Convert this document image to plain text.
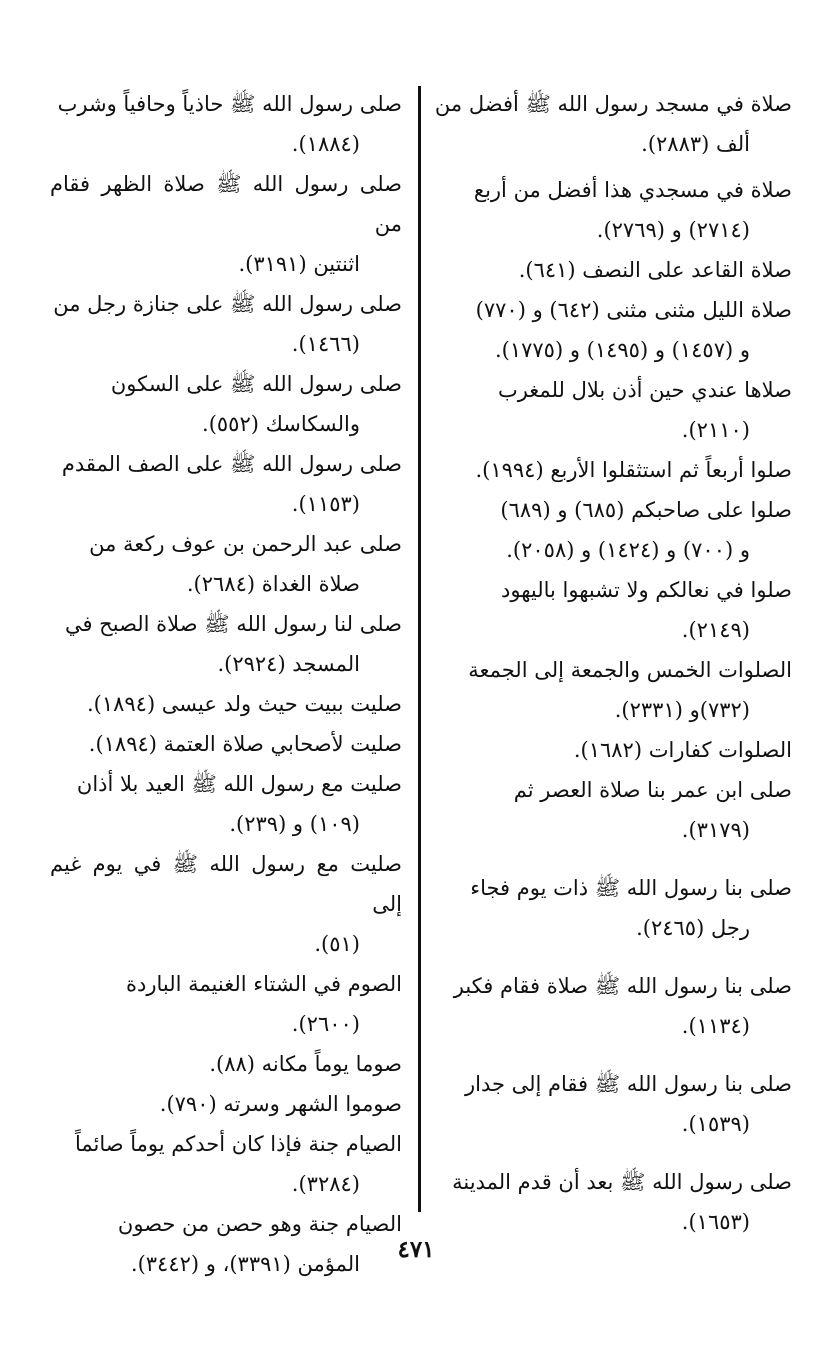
صلاة في مسجد رسول الله ﷺ أفضل من
ألف (٢٨٨٣).
صلاة في مسجدي هذا أفضل من أربع
(٢٧١٤) و (٢٧٦٩).
صلاة القاعد على النصف (٦٤١).
صلاة الليل مثنى مثنى (٦٤٢) و (٧٧٠)
و (١٤٥٧) و (١٤٩٥) و (١٧٧٥).
صلاها عندي حين أذن بلال للمغرب
(٢١١٠).
صلوا أربعاً ثم استثقلوا الأربع (١٩٩٤).
صلوا على صاحبكم (٦٨٥) و (٦٨٩)
و (٧٠٠) و (١٤٢٤) و (٢٠٥٨).
صلوا في نعالكم ولا تشبهوا باليهود
(٢١٤٩).
الصلوات الخمس والجمعة إلى الجمعة
(٧٣٢)و (٢٣٣١).
الصلوات كفارات (١٦٨٢).
صلى ابن عمر بنا صلاة العصر ثم
(٣١٧٩).
صلى بنا رسول الله ﷺ ذات يوم فجاء
رجل (٢٤٦٥).
صلى بنا رسول الله ﷺ صلاة فقام فكبر
(١١٣٤).
صلى بنا رسول الله ﷺ فقام إلى جدار
(١٥٣٩).
صلى رسول الله ﷺ بعد أن قدم المدينة
(١٦٥٣).
صلى رسول الله ﷺ حاذياً وحافياً وشرب
(١٨٨٤).
صلى رسول الله ﷺ صلاة الظهر فقام من
اثنتين (٣١٩١).
صلى رسول الله ﷺ على جنازة رجل من
(١٤٦٦).
صلى رسول الله ﷺ على السكون
والسكاسك (٥٥٢).
صلى رسول الله ﷺ على الصف المقدم
(١١٥٣).
صلى عبد الرحمن بن عوف ركعة من
صلاة الغداة (٢٦٨٤).
صلى لنا رسول الله ﷺ صلاة الصبح في
المسجد (٢٩٢٤).
صليت ببيت حيث ولد عيسى (١٨٩٤).
صليت لأصحابي صلاة العتمة (١٨٩٤).
صليت مع رسول الله ﷺ العيد بلا أذان
(١٠٩) و (٢٣٩).
صليت مع رسول الله ﷺ في يوم غيم إلى
(٥١).
الصوم في الشتاء الغنيمة الباردة
(٢٦٠٠).
صوما يوماً مكانه (٨٨).
صوموا الشهر وسرته (٧٩٠).
الصيام جنة فإذا كان أحدكم يوماً صائماً
(٣٢٨٤).
الصيام جنة وهو حصن من حصون
المؤمن (٣٣٩١)، و (٣٤٤٢).
٤٧١
